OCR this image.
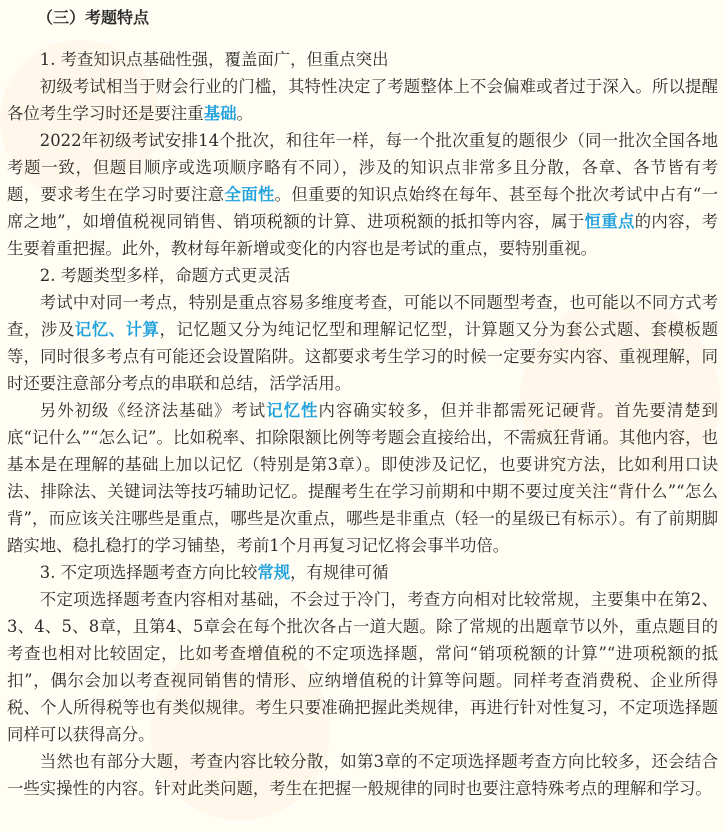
（三）考题特点

1. 考查知识点基础性强，覆盖面广，但重点突出

初级考试相当于财会行业的门槛，其特性决定了考题整体上不会偏难或者过于深入。所以提醒各位考生学习时还是要注重基础。

2022年初级考试安排14个批次，和往年一样，每一个批次重复的题很少（同一批次全国各地考题一致，但题目顺序或选项顺序略有不同），涉及的知识点非常多且分散，各章、各节皆有考题，要求考生在学习时要注意全面性。但重要的知识点始终在每年、甚至每个批次考试中占有“一席之地”，如增值税视同销售、销项税额的计算、进项税额的抵扣等内容，属于恒重点的内容，考生要着重把握。此外，教材每年新增或变化的内容也是考试的重点，要特别重视。

2. 考题类型多样，命题方式更灵活

考试中对同一考点，特别是重点容易多维度考查，可能以不同题型考查，也可能以不同方式考查，涉及记忆、计算，记忆题又分为纯记忆型和理解记忆型，计算题又分为套公式题、套模板题等，同时很多考点有可能还会设置陷阱。这都要求考生学习的时候一定要夯实内容、重视理解，同时还要注意部分考点的串联和总结，活学活用。

另外初级《经济法基础》考试记忆性内容确实较多，但并非都需死记硬背。首先要清楚到底“记什么”“怎么记”。比如税率、扣除限额比例等考题会直接给出，不需疯狂背诵。其他内容，也基本是在理解的基础上加以记忆（特别是第3章）。即使涉及记忆，也要讲究方法，比如利用口诀法、排除法、关键词法等技巧辅助记忆。提醒考生在学习前期和中期不要过度关注“背什么”“怎么背”，而应该关注哪些是重点，哪些是次重点，哪些是非重点（轻一的星级已有标示）。有了前期脚踏实地、稳扎稳打的学习铺垫，考前1个月再复习记忆将会事半功倍。

3. 不定项选择题考查方向比较常规，有规律可循

不定项选择题考查内容相对基础，不会过于冷门，考查方向相对比较常规，主要集中在第2、3、4、5、8章，且第4、5章会在每个批次各占一道大题。除了常规的出题章节以外，重点题目的考查也相对比较固定，比如考查增值税的不定项选择题，常问“销项税额的计算”“进项税额的抵扣”，偶尔会加以考查视同销售的情形、应纳增值税的计算等问题。同样考查消费税、企业所得税、个人所得税等也有类似规律。考生只要准确把握此类规律，再进行针对性复习，不定项选择题同样可以获得高分。

当然也有部分大题，考查内容比较分散，如第3章的不定项选择题考查方向比较多，还会结合一些实操性的内容。针对此类问题，考生在把握一般规律的同时也要注意特殊考点的理解和学习。
